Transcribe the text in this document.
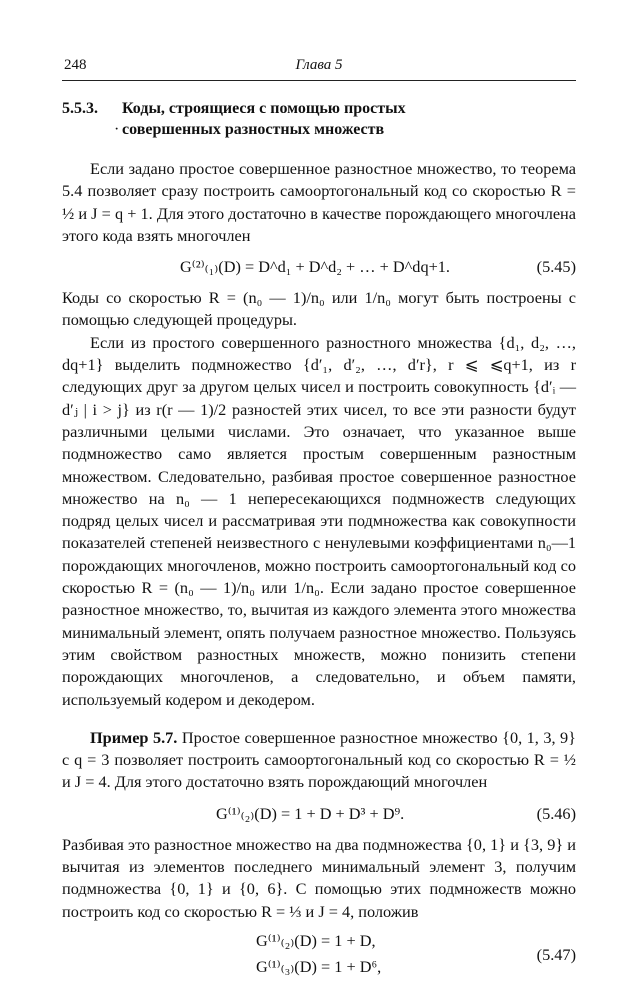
248	Глава 5
5.5.3. Коды, строящиеся с помощью простых
· совершенных разностных множеств

Если задано простое совершенное разностное множество, то теорема 5.4 позволяет сразу построить самоортогональный код со скоростью R = ½ и J = q + 1. Для этого достаточно в качестве порождающего многочлена этого кода взять многочлен

G⁽²⁾₍₁₎(D) = D^d₁ + D^d₂ + … + D^dq+1.	(5.45)

Коды со скоростью R = (n₀ — 1)/n₀ или 1/n₀ могут быть построены с помощью следующей процедуры.

Если из простого совершенного разностного множества {d₁, d₂, …, dq+1} выделить подмножество {d′₁, d′₂, …, d′r}, r ⩽ ⩽q+1, из r следующих друг за другом целых чисел и построить совокупность {d′ᵢ — d′ⱼ | i > j} из r(r — 1)/2 разностей этих чисел, то все эти разности будут различными целыми числами. Это означает, что указанное выше подмножество само является простым совершенным разностным множеством. Следовательно, разбивая простое совершенное разностное множество на n₀ — 1 непересекающихся подмножеств следующих подряд целых чисел и рассматривая эти подмножества как совокупности показателей степеней неизвестного с ненулевыми коэффициентами n₀—1 порождающих многочленов, можно построить самоортогональный код со скоростью R = (n₀ — 1)/n₀ или 1/n₀. Если задано простое совершенное разностное множество, то, вычитая из каждого элемента этого множества минимальный элемент, опять получаем разностное множество. Пользуясь этим свойством разностных множеств, можно понизить степени порождающих многочленов, а следовательно, и объем памяти, используемый кодером и декодером.

Пример 5.7. Простое совершенное разностное множество {0, 1, 3, 9} с q = 3 позволяет построить самоортогональный код со скоростью R = ½ и J = 4. Для этого достаточно взять порождающий многочлен

G⁽¹⁾₍₂₎(D) = 1 + D + D³ + D⁹.	(5.46)

Разбивая это разностное множество на два подмножества {0, 1} и {3, 9} и вычитая из элементов последнего минимальный элемент 3, получим подмножества {0, 1} и {0, 6}. С помощью этих подмножеств можно построить код со скоростью R = ⅓ и J = 4, положив

G⁽¹⁾₍₂₎(D) = 1 + D,
G⁽¹⁾₍₃₎(D) = 1 + D⁶,
(5.47)
